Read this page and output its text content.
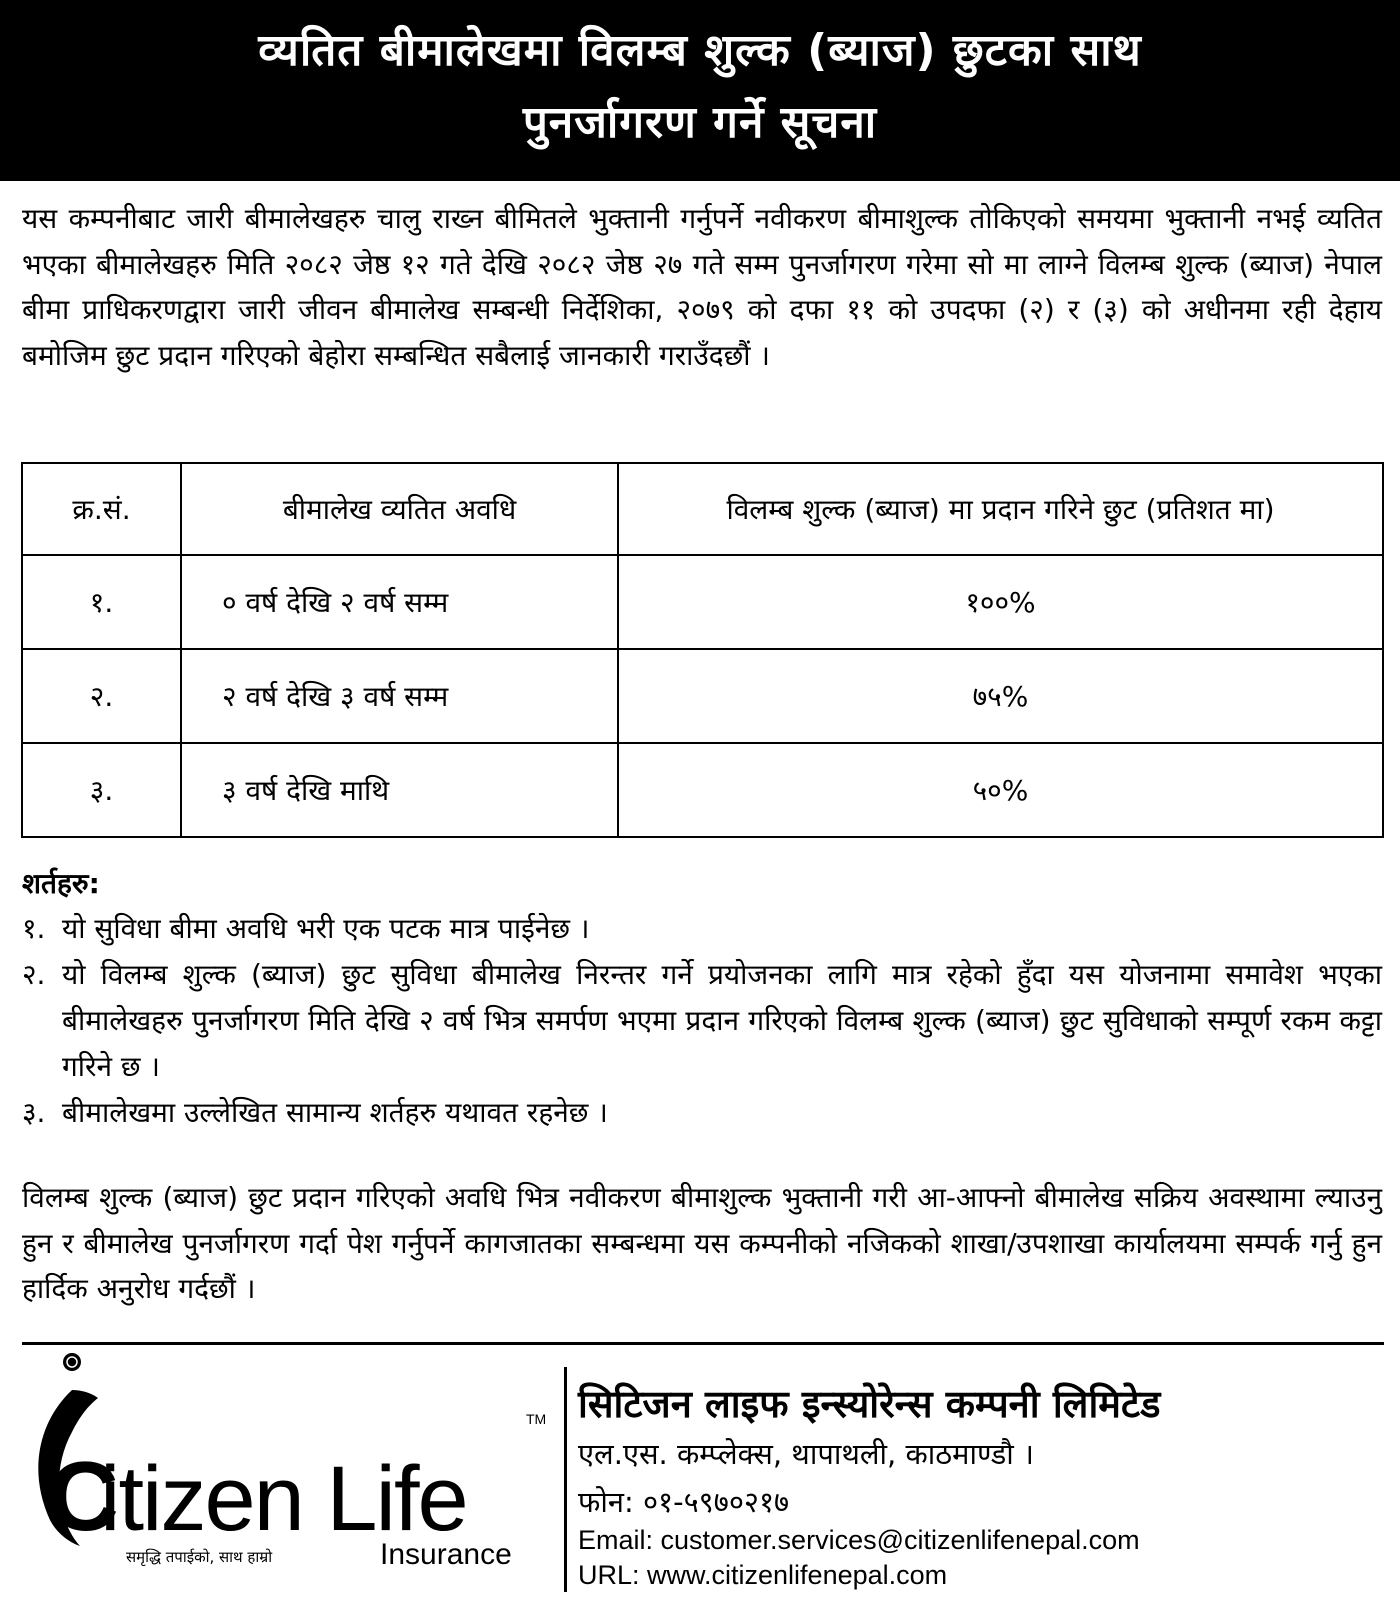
व्यतित बीमालेखमा विलम्ब शुल्क (ब्याज) छुटका साथ
पुनर्जागरण गर्ने सूचना
यस कम्पनीबाट जारी बीमालेखहरु चालु राख्न बीमितले भुक्तानी गर्नुपर्ने नवीकरण बीमाशुल्क तोकिएको समयमा भुक्तानी नभई व्यतित भएका बीमालेखहरु मिति २०८२ जेष्ठ १२ गते देखि २०८२ जेष्ठ २७ गते सम्म पुनर्जागरण गरेमा सो मा लाग्ने विलम्ब शुल्क (ब्याज) नेपाल बीमा प्राधिकरणद्वारा जारी जीवन बीमालेख सम्बन्धी निर्देशिका, २०७९ को दफा ११ को उपदफा (२) र (३) को अधीनमा रही देहाय बमोजिम छुट प्रदान गरिएको बेहोरा सम्बन्धित सबैलाई जानकारी गराउँदछौं ।
क्र.सं.	बीमालेख व्यतित अवधि	विलम्ब शुल्क (ब्याज) मा प्रदान गरिने छुट (प्रतिशत मा)
१.	० वर्ष देखि २ वर्ष सम्म	१००%
२.	२ वर्ष देखि ३ वर्ष सम्म	७५%
३.	३ वर्ष देखि माथि	५०%
शर्तहरु:
१. यो सुविधा बीमा अवधि भरी एक पटक मात्र पाईनेछ ।
२. यो विलम्ब शुल्क (ब्याज) छुट सुविधा बीमालेख निरन्तर गर्ने प्रयोजनका लागि मात्र रहेको हुँदा यस योजनामा समावेश भएका बीमालेखहरु पुनर्जागरण मिति देखि २ वर्ष भित्र समर्पण भएमा प्रदान गरिएको विलम्ब शुल्क (ब्याज) छुट सुविधाको सम्पूर्ण रकम कट्टा गरिने छ ।
३. बीमालेखमा उल्लेखित सामान्य शर्तहरु यथावत रहनेछ ।
विलम्ब शुल्क (ब्याज) छुट प्रदान गरिएको अवधि भित्र नवीकरण बीमाशुल्क भुक्तानी गरी आ-आफ्नो बीमालेख सक्रिय अवस्थामा ल्याउनु हुन र बीमालेख पुनर्जागरण गर्दा पेश गर्नुपर्ने कागजातका सम्बन्धमा यस कम्पनीको नजिकको शाखा/उपशाखा कार्यालयमा सम्पर्क गर्नु हुन हार्दिक अनुरोध गर्दछौं ।
C
itizen Life
TM
Insurance
समृद्धि तपाईको, साथ हाम्रो
सिटिजन लाइफ इन्स्योरेन्स कम्पनी लिमिटेड
एल.एस. कम्प्लेक्स, थापाथली, काठमाण्डौ ।
फोन: ०१-५९७०२१७
Email: customer.services@citizenlifenepal.com
URL: www.citizenlifenepal.com
